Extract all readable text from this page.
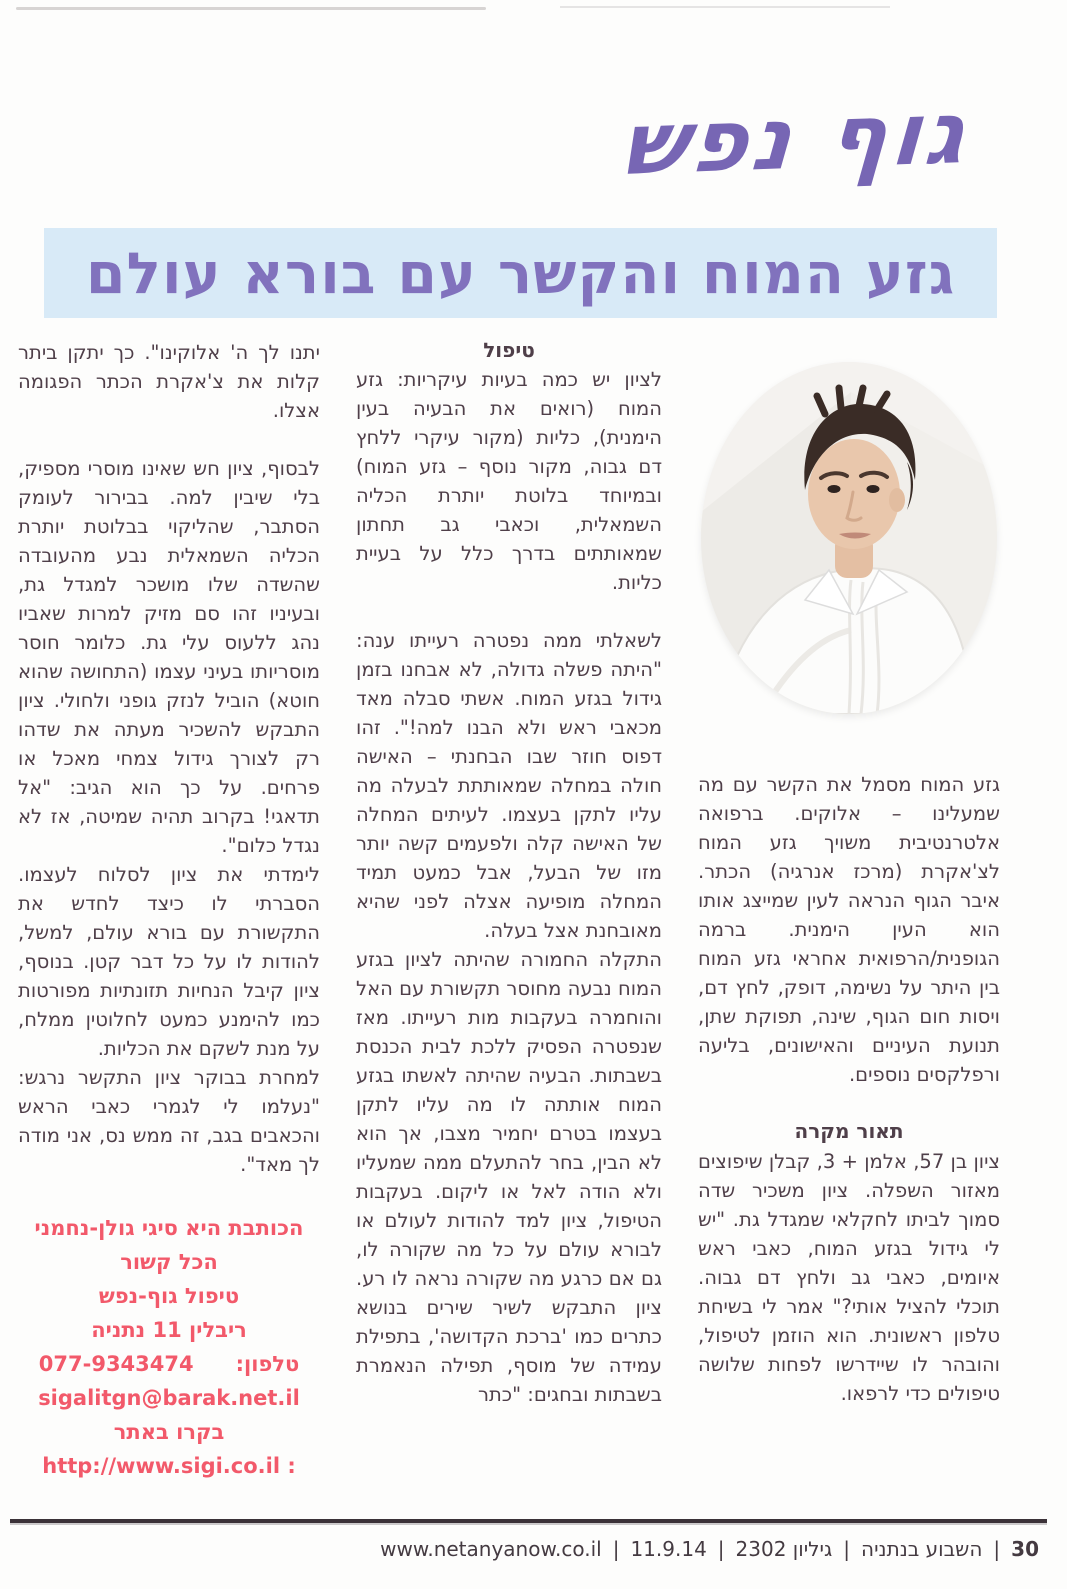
גוף נפש
גזע המוח והקשר עם בורא עולם

גזע המוח מסמל את הקשר עם מה שמעלינו – אלוקים. ברפואה אלטרנטיבית משויך גזע המוח לצ'אקרת (מרכז אנרגיה) הכתר. איבר הגוף הנראה לעין שמייצג אותו הוא העין הימנית. ברמה הגופנית/הרפואית אחראי גזע המוח בין היתר על נשימה, דופק, לחץ דם, ויסות חום הגוף, שינה, תפוקת שתן, תנועת העיניים והאישונים, בליעה ורפלקסים נוספים.

תאור מקרה

ציון בן 57, אלמן + 3, קבלן שיפוצים מאזור השפלה. ציון משכיר שדה סמוך לביתו לחקלאי שמגדל גת. "יש לי גידול בגזע המוח, כאבי ראש איומים, כאבי גב ולחץ דם גבוה. תוכלי להציל אותי?" אמר לי בשיחת טלפון ראשונית. הוא הוזמן לטיפול, והובהר לו שיידרשו לפחות שלושה טיפולים כדי לרפאו.

טיפול

לציון יש כמה בעיות עיקריות: גזע המוח (רואים את הבעיה בעין הימנית), כליות (מקור עיקרי ללחץ דם גבוה, מקור נוסף – גזע המוח) ובמיוחד בלוטת יותרת הכליה השמאלית, וכאבי גב תחתון שמאותתים בדרך כלל על בעיית כליות.

לשאלתי ממה נפטרה רעייתו ענה: "היתה פשלה גדולה, לא אבחנו בזמן גידול בגזע המוח. אשתי סבלה מאד מכאבי ראש ולא הבנו למה!". זהו דפוס חוזר שבו הבחנתי – האישה חולה במחלה שמאותתת לבעלה מה עליו לתקן בעצמו. לעיתים המחלה של האישה קלה ולפעמים קשה יותר מזו של הבעל, אבל כמעט תמיד המחלה מופיעה אצלה לפני שהיא מאובחנת אצל בעלה.

התקלה החמורה שהיתה לציון בגזע המוח נבעה מחוסר תקשורת עם האל והוחמרה בעקבות מות רעייתו. מאז שנפטרה הפסיק ללכת לבית הכנסת בשבתות. הבעיה שהיתה לאשתו בגזע המוח אותתה לו מה עליו לתקן בעצמו בטרם יחמיר מצבו, אך הוא לא הבין, בחר להתעלם ממה שמעליו ולא הודה לאל או ליקום. בעקבות הטיפול, ציון למד להודות לעולם או לבורא עולם על כל מה שקורה לו, גם אם כרגע מה שקורה נראה לו רע. ציון התבקש לשיר שירים בנושא כתרים כמו 'ברכת הקדושה', בתפילת עמידה של מוסף, תפילה הנאמרת בשבתות ובחגים: "כתר

יתנו לך ה' אלוקינו". כך יתקן ביתר קלות את צ'אקרת הכתר הפגומה אצלו.

לבסוף, ציון חש שאינו מוסרי מספיק, בלי שיבין למה. בבירור לעומק הסתבר, שהליקוי בבלוטת יותרת הכליה השמאלית נבע מהעובדה שהשדה שלו מושכר למגדל גת, ובעיניו זהו סם מזיק למרות שאביו נהג ללעוס עלי גת. כלומר חוסר מוסריותו בעיני עצמו (התחושה שהוא חוטא) הוביל לנזק גופני ולחולי. ציון התבקש להשכיר מעתה את שדהו רק לצורך גידול צמחי מאכל או פרחים. על כך הוא הגיב: "אל תדאגי! בקרוב תהיה שמיטה, אז לא נגדל כלום".

לימדתי את ציון לסלוח לעצמו. הסברתי לו כיצד לחדש את התקשורת עם בורא עולם, למשל, להודות לו על כל דבר קטן. בנוסף, ציון קיבל הנחיות תזונתיות מפורטות כמו להימנע כמעט לחלוטין ממלח, על מנת לשקם את הכליות.

למחרת בבוקר ציון התקשר נרגש: "נעלמו לי לגמרי כאבי הראש והכאבים בגב, זה ממש נס, אני מודה לך מאד".

הכותבת היא סיגי גולן-נחמני
הכל קשור
טיפול גוף-נפש
ריבלין 11 נתניה
טלפון:
077-9343474
sigalitgn@barak.net.il
בקרו באתר
http://www.sigi.co.il :
30
|
השבוע בנתניה
|
גיליון 2302
|
11.9.14
|
www.netanyanow.co.il
